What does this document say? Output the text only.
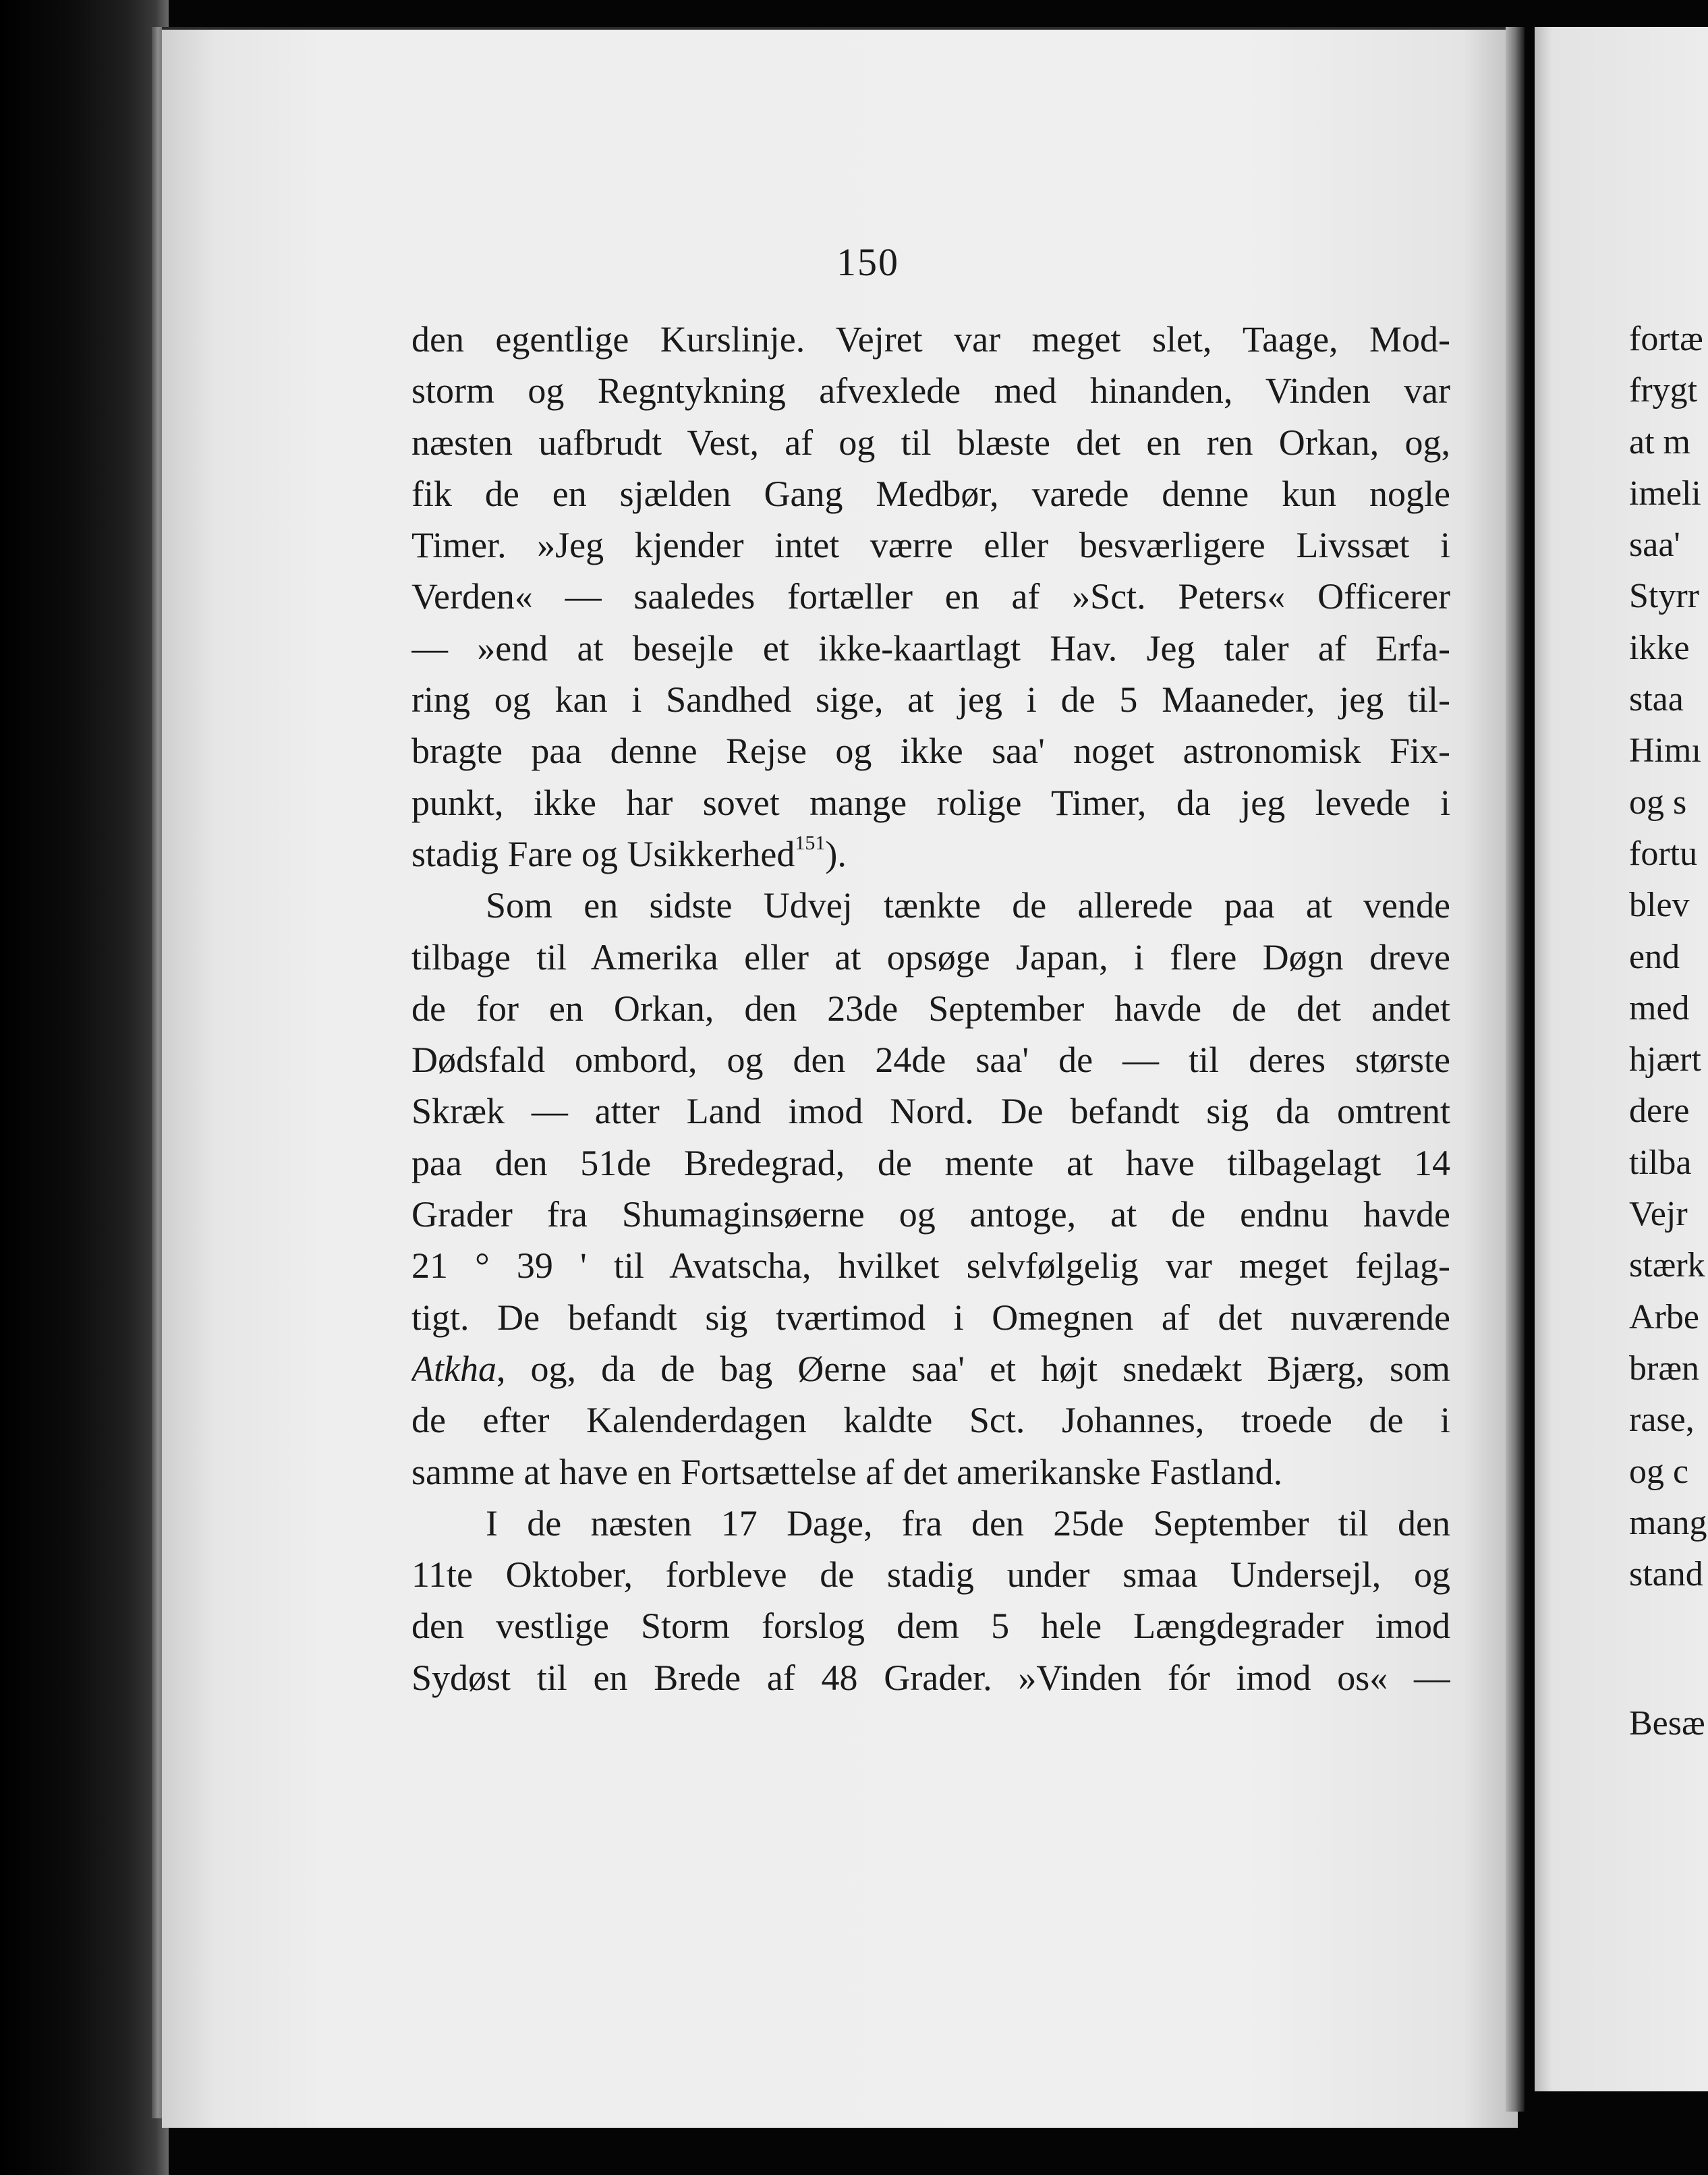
150
den egentlige Kurslinje. Vejret var meget slet, Taage, Mod-
storm og Regntykning afvexlede med hinanden, Vinden var
næsten uafbrudt Vest, af og til blæste det en ren Orkan, og,
fik de en sjælden Gang Medbør, varede denne kun nogle
Timer. »Jeg kjender intet værre eller besværligere Livssæt i
Verden« — saaledes fortæller en af »Sct. Peters« Officerer
— »end at besejle et ikke-kaartlagt Hav. Jeg taler af Erfa-
ring og kan i Sandhed sige, at jeg i de 5 Maaneder, jeg til-
bragte paa denne Rejse og ikke saa' noget astronomisk Fix-
punkt, ikke har sovet mange rolige Timer, da jeg levede i
stadig Fare og Usikkerhed$^{151}$).
Som en sidste Udvej tænkte de allerede paa at vende
tilbage til Amerika eller at opsøge Japan, i flere Døgn dreve
de for en Orkan, den 23de September havde de det andet
Dødsfald ombord, og den 24de saa' de — til deres største
Skræk — atter Land imod Nord. De befandt sig da omtrent
paa den 51de Bredegrad, de mente at have tilbagelagt 14
Grader fra Shumaginsøerne og antoge, at de endnu havde
21 ° 39 ' til Avatscha, hvilket selvfølgelig var meget fejlag-
tigt. De befandt sig tværtimod i Omegnen af det nuværende
Atkha, og, da de bag Øerne saa' et højt snedækt Bjærg, som
de efter Kalenderdagen kaldte Sct. Johannes, troede de i
samme at have en Fortsættelse af det amerikanske Fastland.
I de næsten 17 Dage, fra den 25de September til den
11te Oktober, forbleve de stadig under smaa Undersejl, og
den vestlige Storm forslog dem 5 hele Længdegrader imod
Sydøst til en Brede af 48 Grader. »Vinden fór imod os« —
fortæ
frygt
at m
imeli
saa'
Styrr
ikke
staa
Himı
og s
fortu
blev
end
med
hjært
dere
tilba
Vejr
stærk
Arbe
bræn
rase,
og c
mang
stand
Besæ
